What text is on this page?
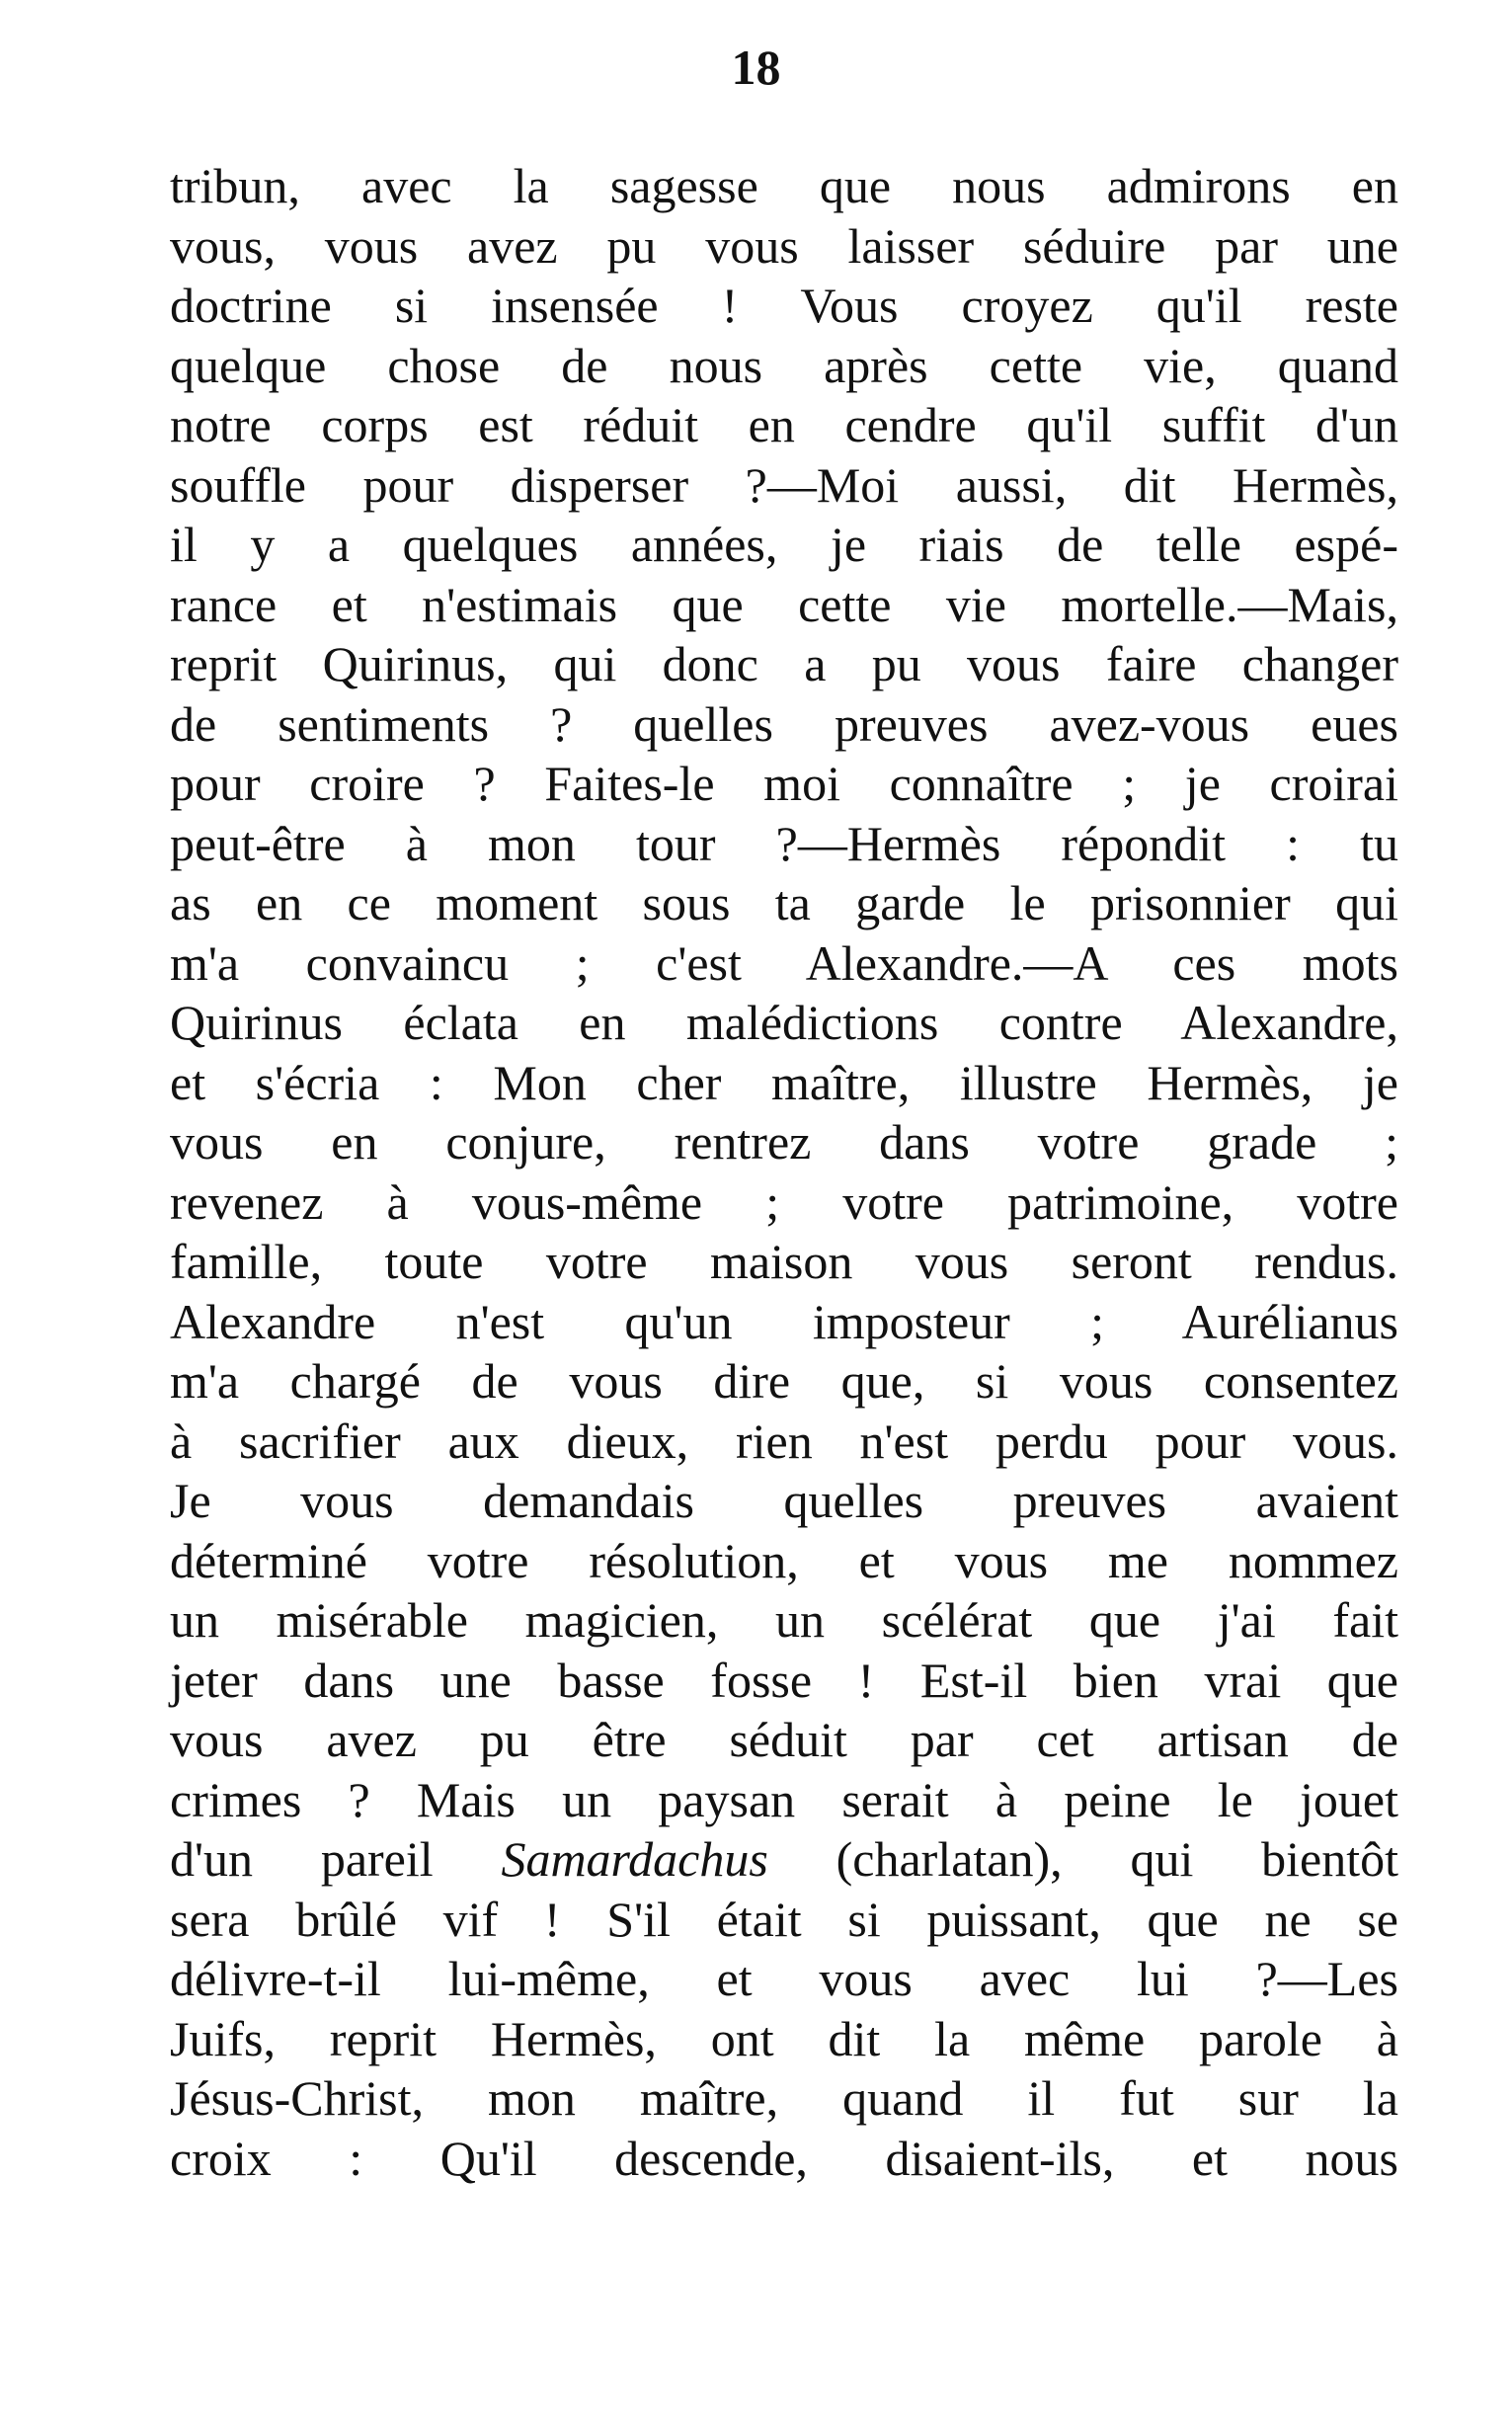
18
tribun, avec la sagesse que nous admirons en
vous, vous avez pu vous laisser séduire par une
doctrine si insensée ! Vous croyez qu'il reste
quelque chose de nous après cette vie, quand
notre corps est réduit en cendre qu'il suffit d'un
souffle pour disperser ?—Moi aussi, dit Hermès,
il y a quelques années, je riais de telle espé-
rance et n'estimais que cette vie mortelle.—Mais,
reprit Quirinus, qui donc a pu vous faire changer
de sentiments ? quelles preuves avez-vous eues
pour croire ? Faites-le moi connaître ; je croirai
peut-être à mon tour ?—Hermès répondit : tu
as en ce moment sous ta garde le prisonnier qui
m'a convaincu ; c'est Alexandre.—A ces mots
Quirinus éclata en malédictions contre Alexandre,
et s'écria : Mon cher maître, illustre Hermès, je
vous en conjure, rentrez dans votre grade ;
revenez à vous-même ; votre patrimoine, votre
famille, toute votre maison vous seront rendus.
Alexandre n'est qu'un imposteur ; Aurélianus
m'a chargé de vous dire que, si vous consentez
à sacrifier aux dieux, rien n'est perdu pour vous.
Je vous demandais quelles preuves avaient
déterminé votre résolution, et vous me nommez
un misérable magicien, un scélérat que j'ai fait
jeter dans une basse fosse ! Est-il bien vrai que
vous avez pu être séduit par cet artisan de
crimes ? Mais un paysan serait à peine le jouet
d'un pareil Samardachus (charlatan), qui bientôt
sera brûlé vif ! S'il était si puissant, que ne se
délivre-t-il lui-même, et vous avec lui ?—Les
Juifs, reprit Hermès, ont dit la même parole à
Jésus-Christ, mon maître, quand il fut sur la
croix : Qu'il descende, disaient-ils, et nous
